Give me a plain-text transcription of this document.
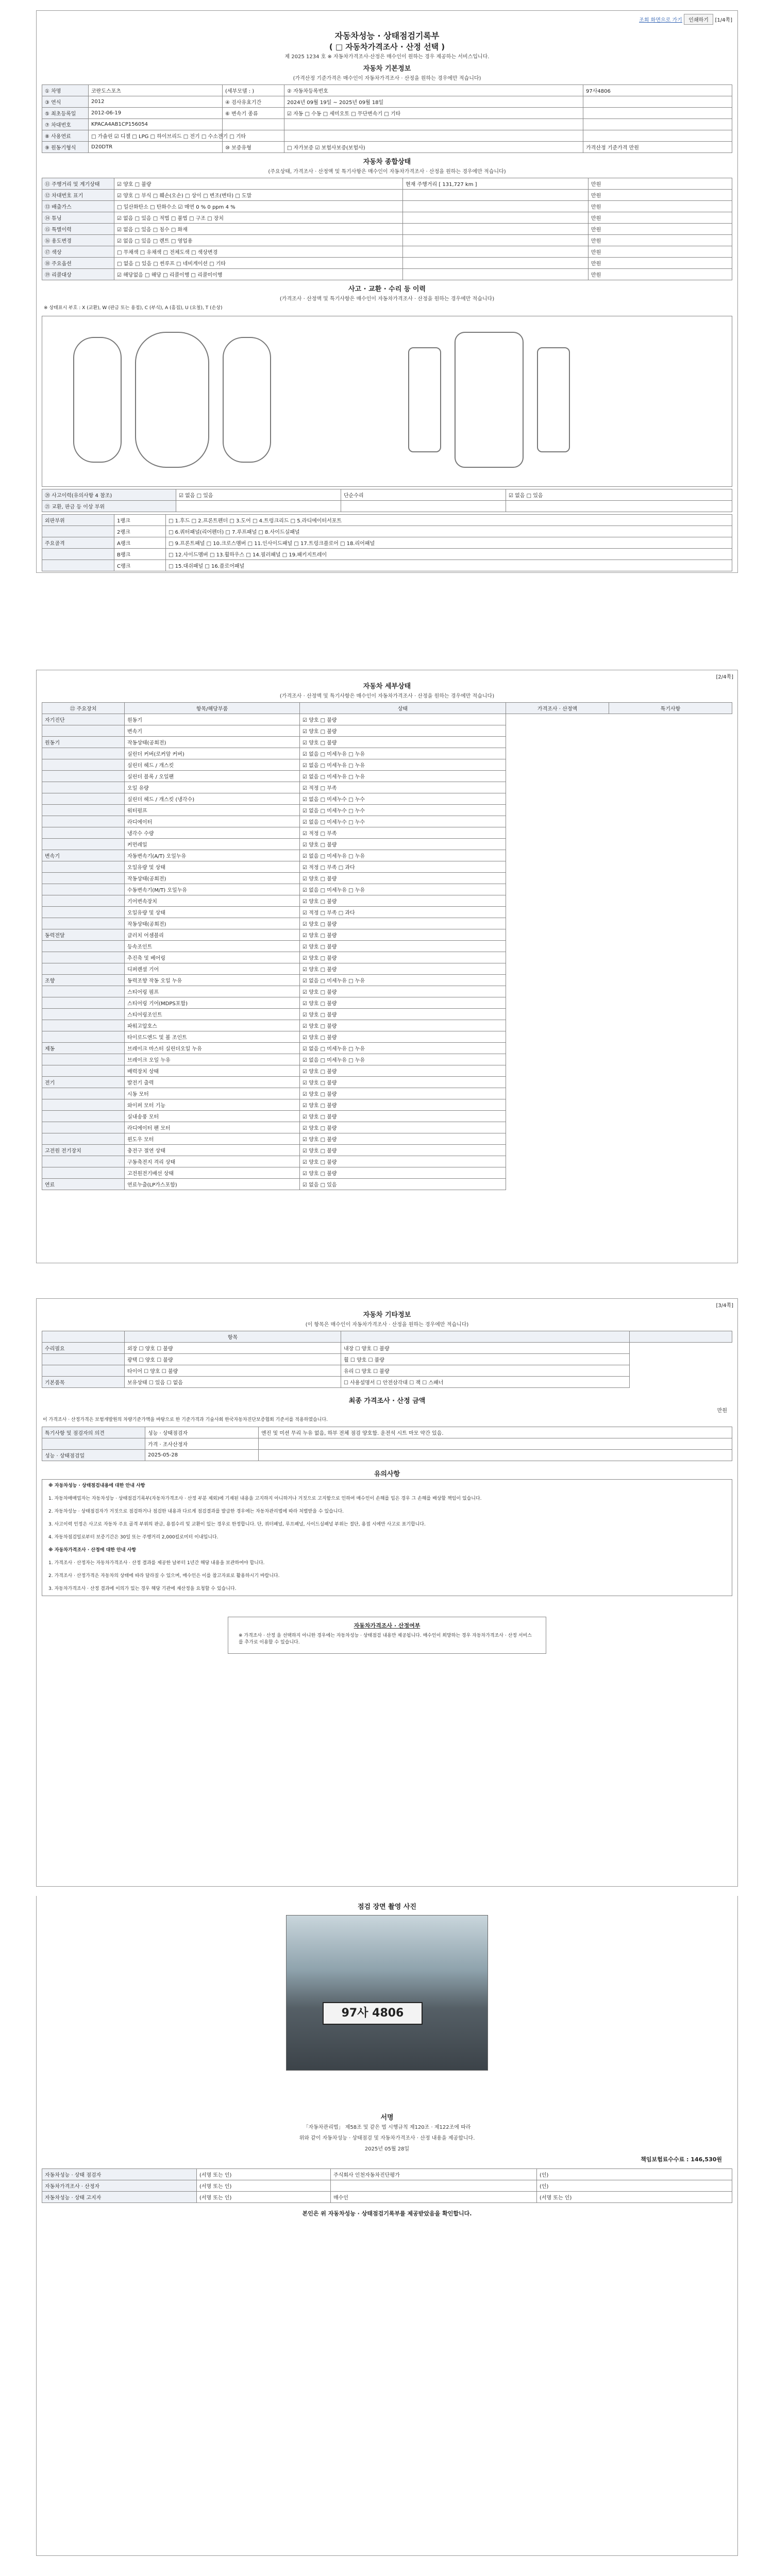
조회 화면으로 가기 인쇄하기 [1/4쪽]
자동차성능 · 상태점검기록부
( □ 자동차가격조사 · 산정 선택 )
제 2025 1234 호 ※ 자동차가격조사·산정은 매수인이 원하는 경우 제공하는 서비스입니다.
자동차 기본정보
(가격산정 기준가격은 매수인이 자동차가격조사 · 산정을 원하는 경우에만 적습니다)
① 차명	코란도스포츠	(세부모델 : )	② 자동차등록번호	97사4806
③ 연식	2012	④ 검사유효기간	2024년 09월 19일 ~ 2025년 09월 18일	
⑤ 최초등록일	2012-06-19	⑥ 변속기 종류	☑ 자동 □ 수동 □ 세미오토 □ 무단변속기 □ 기타	
⑦ 차대번호	KPACA4AB1CP156054			
⑧ 사용연료	□ 가솔린 ☑ 디젤 □ LPG □ 하이브리드 □ 전기 □ 수소전기 □ 기타			
⑨ 원동기형식	D20DTR	⑩ 보증유형	□ 자가보증 ☑ 보험사보증(보험사)	가격산정 기준가격 만원
자동차 종합상태
(주요상태, 가격조사 · 산정액 및 특기사항은 매수인이 자동차가격조사 · 산정을 원하는 경우에만 적습니다)
⑪ 주행거리 및 계기상태	☑ 양호 □ 불량	현재 주행거리 [ 131,727 km ]	만원
⑫ 차대번호 표기	☑ 양호 □ 부식 □ 훼손(오손) □ 상이 □ 변조(변타) □ 도말		만원
⑬ 배출가스	□ 일산화탄소 □ 탄화수소 ☑ 매연 0 % 0 ppm 4 %		만원
⑭ 튜닝	☑ 없음 □ 있음 □ 적법 □ 불법 □ 구조 □ 장치		만원
⑮ 특별이력	☑ 없음 □ 있음 □ 침수 □ 화재		만원
⑯ 용도변경	☑ 없음 □ 있음 □ 렌트 □ 영업용		만원
⑰ 색상	□ 무채색 □ 유채색 □ 전체도색 □ 색상변경		만원
⑱ 주요옵션	□ 없음 □ 있음 □ 썬루프 □ 네비게이션 □ 기타		만원
⑲ 리콜대상	☑ 해당없음 □ 해당 □ 리콜이행 □ 리콜미이행		만원
사고 · 교환 · 수리 등 이력
(가격조사 · 산정액 및 특기사항은 매수인이 자동차가격조사 · 산정을 원하는 경우에만 적습니다)
※ 상태표시 부호 : X (교환), W (판금 또는 용접), C (부식), A (흠집), U (요철), T (손상)
⑳ 사고이력(유의사항 4 참조)	☑ 없음 □ 있음	단순수리	☑ 없음 □ 있음
㉑ 교환, 판금 등 이상 부위			
외판부위	1랭크	□ 1.후드 □ 2.프론트펜더 □ 3.도어 □ 4.트렁크리드 □ 5.라디에이터서포트
	2랭크	□ 6.쿼터패널(리어펜더) □ 7.루프패널 □ 8.사이드실패널
주요골격	A랭크	□ 9.프론트패널 □ 10.크로스멤버 □ 11.인사이드패널 □ 17.트렁크플로어 □ 18.리어패널
	B랭크	□ 12.사이드멤버 □ 13.휠하우스 □ 14.필러패널 □ 19.패키지트레이
	C랭크	□ 15.대쉬패널 □ 16.플로어패널
[2/4쪽]
자동차 세부상태
(가격조사 · 산정액 및 특기사항은 매수인이 자동차가격조사 · 산정을 원하는 경우에만 적습니다)
㉒ 주요장치	항목/해당부품	상태	가격조사 · 산정액	특기사항
자기진단	원동기	☑ 양호 □ 불량		
	변속기	☑ 양호 □ 불량		
원동기	작동상태(공회전)	☑ 양호 □ 불량		
	실린더 커버(로커암 커버)	☑ 없음 □ 미세누유 □ 누유		
	실린더 헤드 / 개스킷	☑ 없음 □ 미세누유 □ 누유		
	실린더 블록 / 오일팬	☑ 없음 □ 미세누유 □ 누유		
	오일 유량	☑ 적정 □ 부족		
	실린더 헤드 / 개스킷 (냉각수)	☑ 없음 □ 미세누수 □ 누수		
	워터펌프	☑ 없음 □ 미세누수 □ 누수		
	라디에이터	☑ 없음 □ 미세누수 □ 누수		
	냉각수 수량	☑ 적정 □ 부족		
	커먼레일	☑ 양호 □ 불량		
변속기	자동변속기(A/T) 오일누유	☑ 없음 □ 미세누유 □ 누유		
	오일유량 및 상태	☑ 적정 □ 부족 □ 과다		
	작동상태(공회전)	☑ 양호 □ 불량		
	수동변속기(M/T) 오일누유	☑ 없음 □ 미세누유 □ 누유		
	기어변속장치	☑ 양호 □ 불량		
	오일유량 및 상태	☑ 적정 □ 부족 □ 과다		
	작동상태(공회전)	☑ 양호 □ 불량		
동력전달	클러치 어셈블리	☑ 양호 □ 불량		
	등속조인트	☑ 양호 □ 불량		
	추진축 및 베어링	☑ 양호 □ 불량		
	디퍼렌셜 기어	☑ 양호 □ 불량		
조향	동력조향 작동 오일 누유	☑ 없음 □ 미세누유 □ 누유		
	스티어링 펌프	☑ 양호 □ 불량		
	스티어링 기어(MDPS포함)	☑ 양호 □ 불량		
	스티어링조인트	☑ 양호 □ 불량		
	파워고압호스	☑ 양호 □ 불량		
	타이로드엔드 및 볼 조인트	☑ 양호 □ 불량		
제동	브레이크 마스터 실린더오일 누유	☑ 없음 □ 미세누유 □ 누유		
	브레이크 오일 누유	☑ 없음 □ 미세누유 □ 누유		
	배력장치 상태	☑ 양호 □ 불량		
전기	발전기 출력	☑ 양호 □ 불량		
	시동 모터	☑ 양호 □ 불량		
	와이퍼 모터 기능	☑ 양호 □ 불량		
	실내송풍 모터	☑ 양호 □ 불량		
	라디에이터 팬 모터	☑ 양호 □ 불량		
	윈도우 모터	☑ 양호 □ 불량		
고전원 전기장치	충전구 절연 상태	☑ 양호 □ 불량		
	구동축전지 격리 상태	☑ 양호 □ 불량		
	고전원전기배선 상태	☑ 양호 □ 불량		
연료	연료누출(LP가스포함)	☑ 없음 □ 있음		
[3/4쪽]
자동차 기타정보
(이 항목은 매수인이 자동차가격조사 · 산정을 원하는 경우에만 적습니다)
	항목		
수리필요	외장 ☐ 양호 ☐ 불량	내장 ☐ 양호 ☐ 불량	
	광택 ☐ 양호 ☐ 불량	휠 ☐ 양호 ☐ 불량	
	타이어 ☐ 양호 ☐ 불량	유리 ☐ 양호 ☐ 불량	
기본품목	보유상태 ☐ 있음 ☐ 없음	☐ 사용설명서 ☐ 안전삼각대 ☐ 잭 ☐ 스패너	
최종 가격조사 · 산정 금액
만원
이 가격조사 · 산정가격은 보험개발원의 차량기준가액을 바탕으로 한 기준가격과 기술사회 한국자동차진단보증협회 기준서를 적용하였습니다.
특기사항 및 점검자의 의견	성능 · 상태점검자	엔진 및 미션 무리 누유 없음, 하부 전체 점검 양호함. 운전석 시트 마모 약간 있음.
	가격 · 조사산정자	
성능 · 상태점검일	2025-05-28	
유의사항
※ 자동차성능 · 상태점검내용에 대한 안내 사항
1. 자동차매매업자는 자동차성능 · 상태점검기록부(자동차가격조사 · 산정 부분 제외)에 기재된 내용을 고지하지 아니하거나 거짓으로 고지함으로 인하여 매수인이 손해를 입은 경우 그 손해를 배상할 책임이 있습니다.
2. 자동차성능 · 상태점검자가 거짓으로 점검하거나 점검한 내용과 다르게 점검결과를 발급한 경우에는 자동차관리법에 따라 처벌받을 수 있습니다.
3. 사고이력 인정은 사고로 자동차 주요 골격 부위의 판금, 용접수리 및 교환이 있는 경우로 한정합니다. 단, 쿼터패널, 루프패널, 사이드실패널 부위는 절단, 용접 시에만 사고로 표기합니다.
4. 자동차점검일로부터 보증기간은 30일 또는 주행거리 2,000킬로미터 이내입니다.
※ 자동차가격조사 · 산정에 대한 안내 사항
1. 가격조사 · 산정자는 자동차가격조사 · 산정 결과를 제공한 날부터 1년간 해당 내용을 보관하여야 합니다.
2. 가격조사 · 산정가격은 자동차의 상태에 따라 달라질 수 있으며, 매수인은 이를 참고자료로 활용하시기 바랍니다.
3. 자동차가격조사 · 산정 결과에 이의가 있는 경우 해당 기관에 재산정을 요청할 수 있습니다.
자동차가격조사 · 산정여부
※ 가격조사 · 산정 을 선택하지 아니한 경우에는 자동차성능 · 상태점검 내용만 제공됩니다. 매수인이 희망하는 경우 자동차가격조사 · 산정 서비스를 추가로 이용할 수 있습니다.
점검 장면 촬영 사진
97사 4806
서명
「자동차관리법」 제58조 및 같은 법 시행규칙 제120조 · 제122조에 따라
위와 같이 자동차성능 · 상태점검 및 자동차가격조사 · 산정 내용을 제공합니다.
2025년 05월 28일
책임보험료수수료 : 146,530원
자동차성능 · 상태 점검자	(서명 또는 인)	주식회사 인천자동차진단평가	(인)
자동차가격조사 · 산정자	(서명 또는 인)		(인)
자동차성능 · 상태 고지자	(서명 또는 인)	매수인	(서명 또는 인)
본인은 위 자동차성능 · 상태점검기록부를 제공받았음을 확인합니다.
